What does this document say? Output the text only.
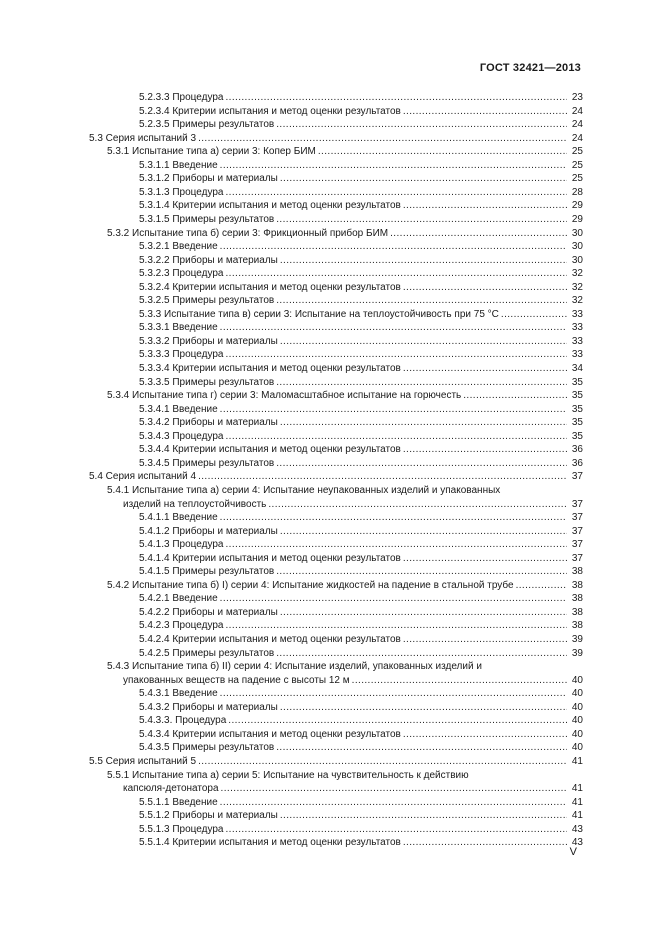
ГОСТ 32421—2013
5.2.3.3 Процедура .....	23
5.2.3.4 Критерии испытания и метод оценки результатов .....	24
5.2.3.5 Примеры результатов .....	24
5.3 Серия испытаний 3 .....	24
5.3.1 Испытание типа а) серии 3: Копер БИМ .....	25
5.3.1.1 Введение .....	25
5.3.1.2 Приборы и материалы .....	25
5.3.1.3 Процедура .....	28
5.3.1.4 Критерии испытания и метод оценки результатов .....	29
5.3.1.5 Примеры результатов .....	29
5.3.2 Испытание типа б) серии 3: Фрикционный прибор БИМ .....	30
5.3.2.1 Введение .....	30
5.3.2.2 Приборы и материалы .....	30
5.3.2.3 Процедура .....	32
5.3.2.4 Критерии испытания и метод оценки результатов .....	32
5.3.2.5 Примеры результатов .....	32
5.3.3 Испытание типа в) серии 3: Испытание на теплоустойчивость при 75 °С .....	33
5.3.3.1 Введение .....	33
5.3.3.2 Приборы и материалы .....	33
5.3.3.3 Процедура .....	33
5.3.3.4 Критерии испытания и метод оценки результатов .....	34
5.3.3.5 Примеры результатов .....	35
5.3.4 Испытание типа г) серии 3: Маломасштабное испытание на горючесть .....	35
5.3.4.1 Введение .....	35
5.3.4.2 Приборы и материалы .....	35
5.3.4.3 Процедура .....	35
5.3.4.4 Критерии испытания и метод оценки результатов .....	36
5.3.4.5 Примеры результатов .....	36
5.4 Серия испытаний 4 .....	37
5.4.1 Испытание типа а) серии 4: Испытание неупакованных изделий и упакованных
изделий на теплоустойчивость .....	37
5.4.1.1 Введение .....	37
5.4.1.2 Приборы и материалы .....	37
5.4.1.3 Процедура .....	37
5.4.1.4 Критерии испытания и метод оценки результатов .....	37
5.4.1.5 Примеры результатов .....	38
5.4.2 Испытание типа б) I) серии 4: Испытание жидкостей на падение в стальной трубе .....	38
5.4.2.1 Введение .....	38
5.4.2.2 Приборы и материалы .....	38
5.4.2.3 Процедура .....	38
5.4.2.4 Критерии испытания и метод оценки результатов .....	39
5.4.2.5 Примеры результатов .....	39
5.4.3 Испытание типа б) II) серии 4: Испытание изделий, упакованных изделий и
упакованных веществ на падение с высоты 12 м .....	40
5.4.3.1 Введение .....	40
5.4.3.2 Приборы и материалы .....	40
5.4.3.3. Процедура .....	40
5.4.3.4 Критерии испытания и метод оценки результатов .....	40
5.4.3.5 Примеры результатов .....	40
5.5 Серия испытаний 5 .....	41
5.5.1 Испытание типа а) серии 5: Испытание на чувствительность к действию
капсюля-детонатора .....	41
5.5.1.1 Введение .....	41
5.5.1.2 Приборы и материалы .....	41
5.5.1.3 Процедура .....	43
5.5.1.4 Критерии испытания и метод оценки результатов .....	43
V
